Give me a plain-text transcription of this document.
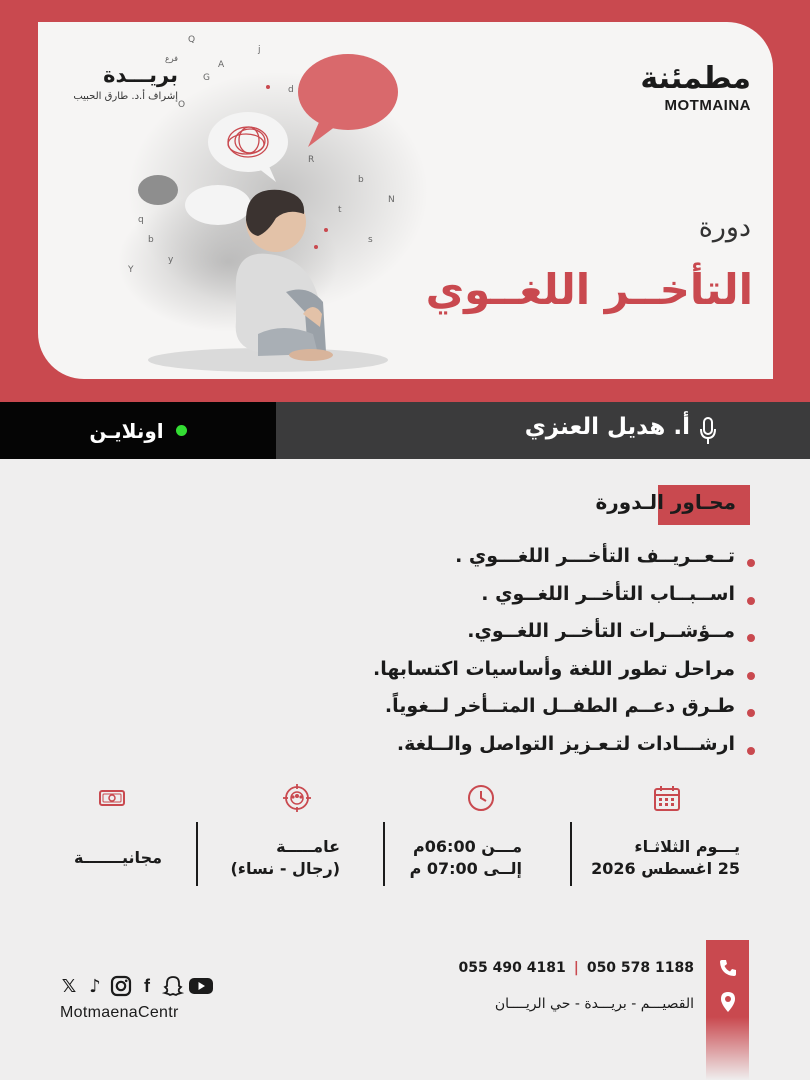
Q
A
G
O
d
R
b
t
s
q
b
y
Y
N
j
مطمئنة
MOTMAINA
فرع
بريـــدة
إشراف أ.د. طارق الحبيب
دورة
التأخــر اللغــوي
اونلايـن	أ. هديل العنزي
محـاور الـدورة
تــعــريــف التأخـــر اللغـــوي .
اســبــاب التأخــر اللغــوي .
مــؤشــرات التأخــر اللغــوي.
مراحل تطور اللغة وأساسيات اكتسابها.
طـرق دعــم الطفــل المتــأخر لــغوياً.
ارشـــادات لتـعـزيز التواصل والــلغة.
يـــوم الثلاثـاء
25 اغسطس 2026
مـــن 06:00م
إلــى 07:00 م
عامـــــة
(رجال - نساء)
مجانيـــــــة
055 490 4181 | 050 578 1188
القصيـــم - بريـــدة - حي الريــــان
𝕏 ♪	f
MotmaenaCentr
